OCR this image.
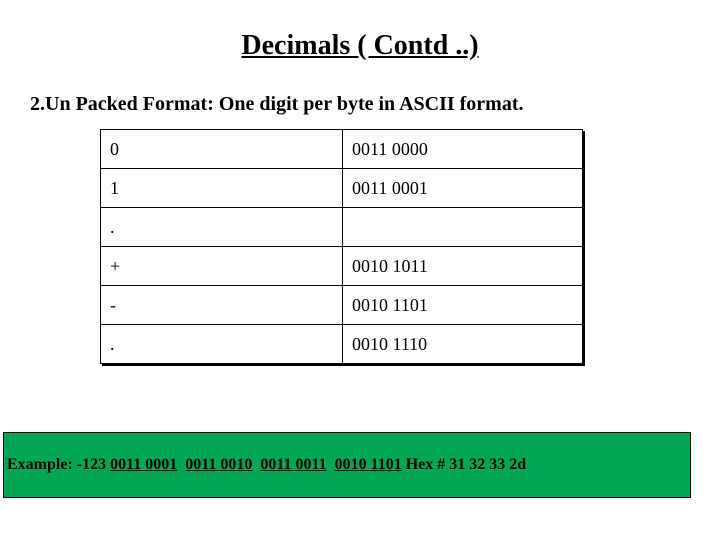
Decimals ( Contd ..)

2.Un Packed Format: One digit per byte in ASCII format.

0	0011 0000
1	0011 0001
.	
+	0010 1011
-	0010 1101
.	0010 1110
Example: -123 0011 0001 0011 0010 0011 0011 0010 1101 Hex # 31 32 33 2d
